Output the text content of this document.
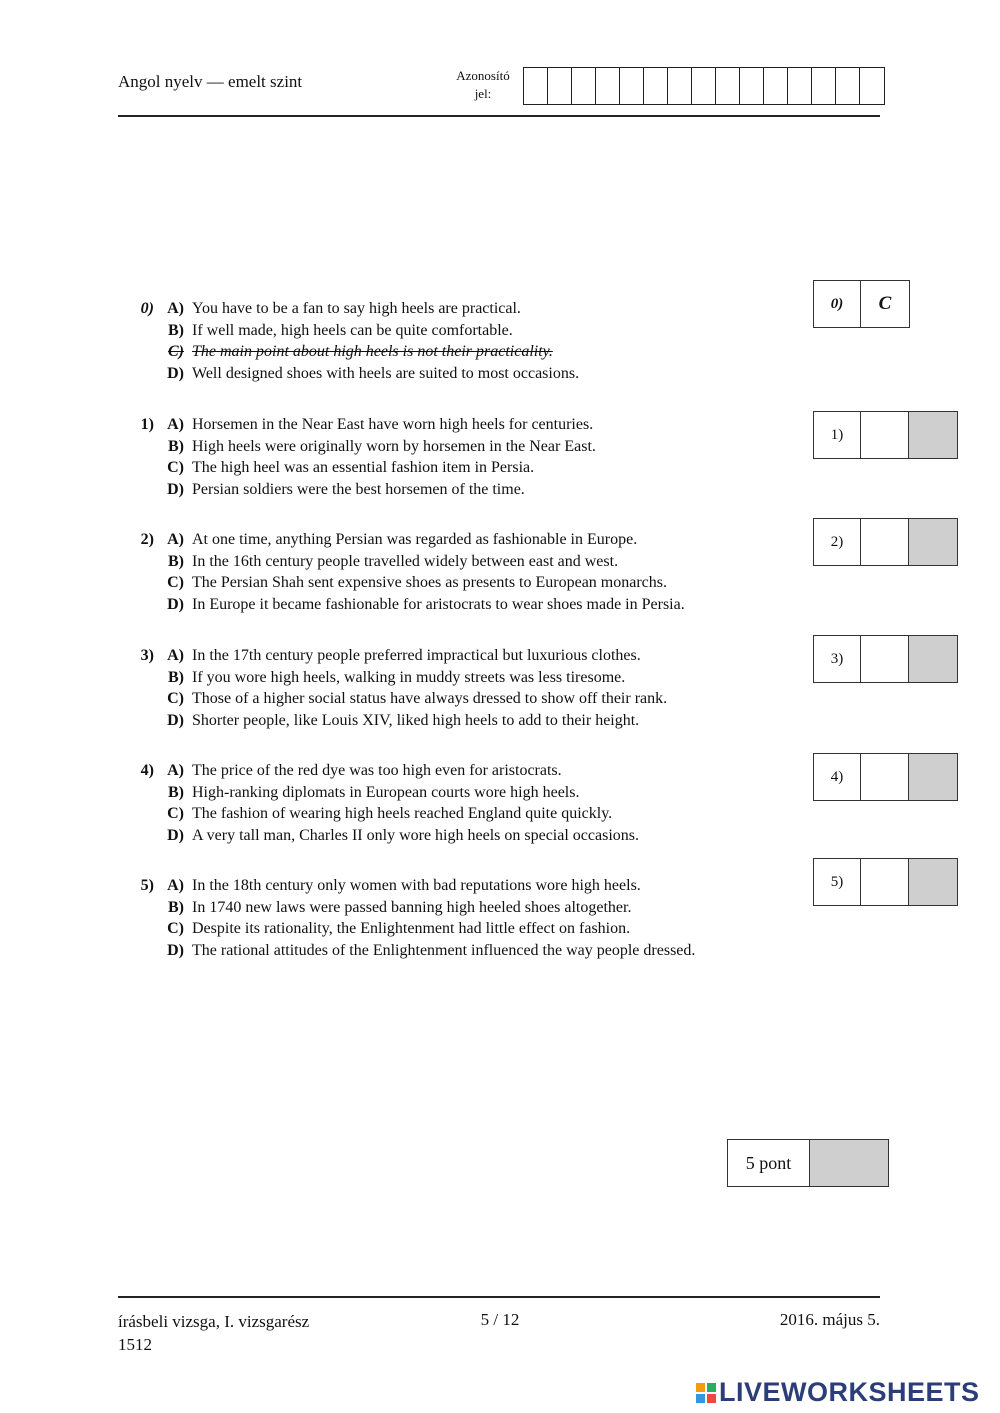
Angol nyelv — emelt szint	Azonosító
jel:
0) A) You have to be a fan to say high heels are practical.
B) If well made, high heels can be quite comfortable.
C) The main point about high heels is not their practicality.
D) Well designed shoes with heels are suited to most occasions.
1) A) Horsemen in the Near East have worn high heels for centuries.
B) High heels were originally worn by horsemen in the Near East.
C) The high heel was an essential fashion item in Persia.
D) Persian soldiers were the best horsemen of the time.
2) A) At one time, anything Persian was regarded as fashionable in Europe.
B) In the 16th century people travelled widely between east and west.
C) The Persian Shah sent expensive shoes as presents to European monarchs.
D) In Europe it became fashionable for aristocrats to wear shoes made in Persia.
3) A) In the 17th century people preferred impractical but luxurious clothes.
B) If you wore high heels, walking in muddy streets was less tiresome.
C) Those of a higher social status have always dressed to show off their rank.
D) Shorter people, like Louis XIV, liked high heels to add to their height.
4) A) The price of the red dye was too high even for aristocrats.
B) High-ranking diplomats in European courts wore high heels.
C) The fashion of wearing high heels reached England quite quickly.
D) A very tall man, Charles II only wore high heels on special occasions.
5) A) In the 18th century only women with bad reputations wore high heels.
B) In 1740 new laws were passed banning high heeled shoes altogether.
C) Despite its rationality, the Enlightenment had little effect on fashion.
D) The rational attitudes of the Enlightenment influenced the way people dressed.
0)	C
1)
2)
3)
4)
5)
5 pont
írásbeli vizsga, I. vizsgarész
1512
5 / 12	2016. május 5.
LIVEWORKSHEETS
